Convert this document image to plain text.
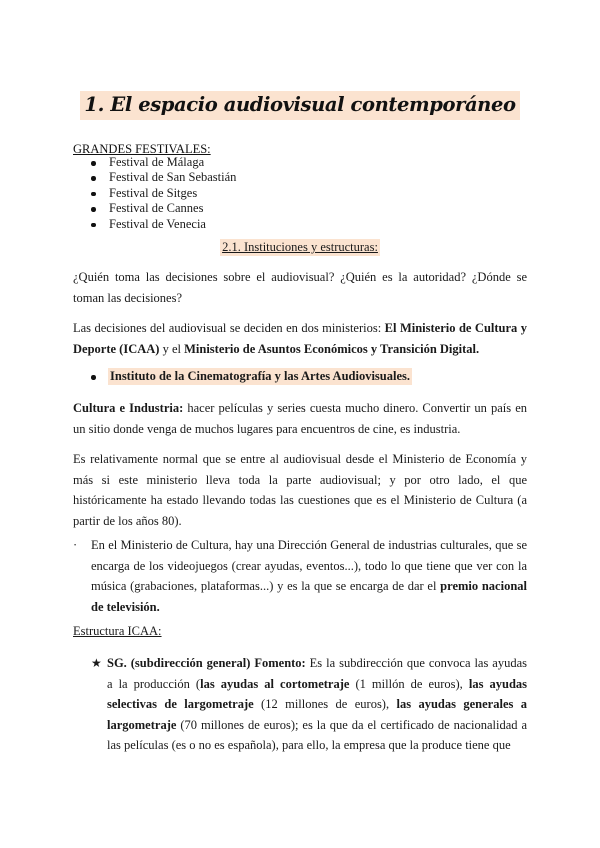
1. El espacio audiovisual contemporáneo
GRANDES FESTIVALES:
Festival de Málaga
Festival de San Sebastián
Festival de Sitges
Festival de Cannes
Festival de Venecia
2.1. Instituciones y estructuras:

¿Quién toma las decisiones sobre el audiovisual? ¿Quién es la autoridad? ¿Dónde se toman las decisiones?

Las decisiones del audiovisual se deciden en dos ministerios: El Ministerio de Cultura y Deporte (ICAA) y el Ministerio de Asuntos Económicos y Transición Digital.

Instituto de la Cinematografía y las Artes Audiovisuales.

Cultura e Industria: hacer películas y series cuesta mucho dinero. Convertir un país en un sitio donde venga de muchos lugares para encuentros de cine, es industria.

Es relativamente normal que se entre al audiovisual desde el Ministerio de Economía y más si este ministerio lleva toda la parte audiovisual; y por otro lado, el que históricamente ha estado llevando todas las cuestiones que es el Ministerio de Cultura (a partir de los años 80).

· En el Ministerio de Cultura, hay una Dirección General de industrias culturales, que se encarga de los videojuegos (crear ayudas, eventos...), todo lo que tiene que ver con la música (grabaciones, plataformas...) y es la que se encarga de dar el premio nacional de televisión.
Estructura ICAA:
★ SG. (subdirección general) Fomento: Es la subdirección que convoca las ayudas a la producción (las ayudas al cortometraje (1 millón de euros), las ayudas selectivas de largometraje (12 millones de euros), las ayudas generales a largometraje (70 millones de euros); es la que da el certificado de nacionalidad a las películas (es o no es española), para ello, la empresa que la produce tiene que
